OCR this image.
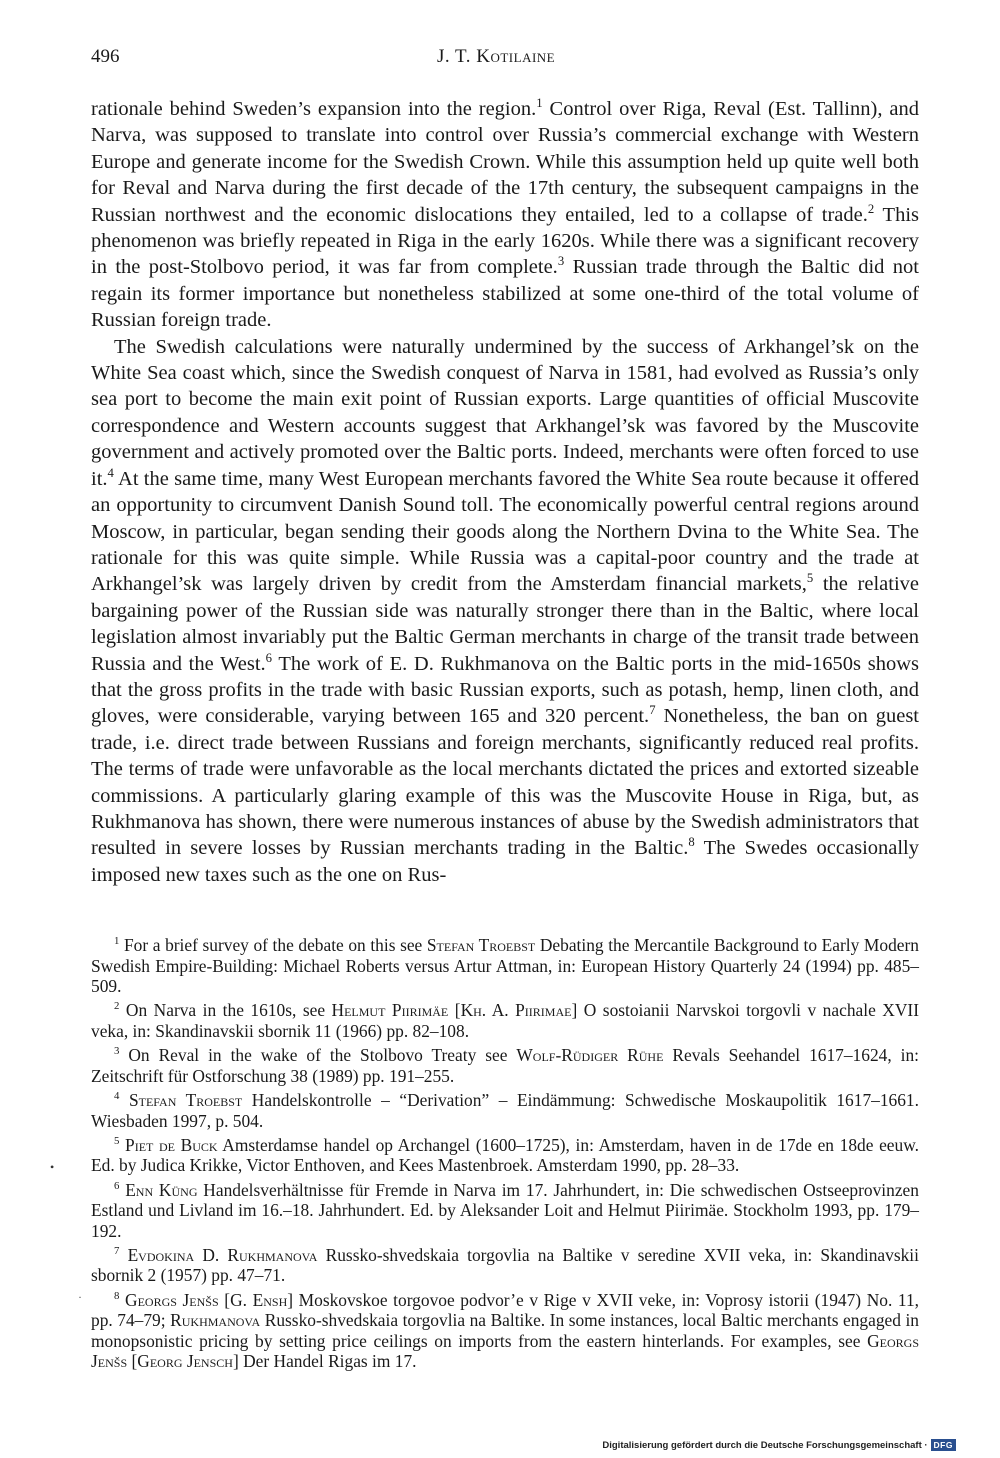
496	J. T. Kotilaine

rationale behind Sweden’s expansion into the region.$^1$ Control over Riga, Reval (Est. Tallinn), and Narva, was supposed to translate into control over Russia’s commercial exchange with Western Europe and generate income for the Swedish Crown. While this assumption held up quite well both for Reval and Narva during the first decade of the 17th century, the subsequent campaigns in the Russian northwest and the economic dislocations they entailed, led to a collapse of trade.$^2$ This phenomenon was briefly repeated in Riga in the early 1620s. While there was a significant recovery in the post-Stolbovo period, it was far from complete.$^3$ Russian trade through the Baltic did not regain its former importance but nonetheless stabilized at some one-third of the total volume of Russian foreign trade.

The Swedish calculations were naturally undermined by the success of Arkhangel’sk on the White Sea coast which, since the Swedish conquest of Narva in 1581, had evolved as Russia’s only sea port to become the main exit point of Russian exports. Large quantities of official Muscovite correspondence and Western accounts suggest that Arkhangel’sk was favored by the Muscovite government and actively promoted over the Baltic ports. Indeed, merchants were often forced to use it.$^4$ At the same time, many West European merchants favored the White Sea route because it offered an opportunity to circumvent Danish Sound toll. The economically powerful central regions around Moscow, in particular, began sending their goods along the Northern Dvina to the White Sea. The rationale for this was quite simple. While Russia was a capital-poor country and the trade at Arkhangel’sk was largely driven by credit from the Amsterdam financial markets,$^5$ the relative bargaining power of the Russian side was naturally stronger there than in the Baltic, where local legislation almost invariably put the Baltic German merchants in charge of the transit trade between Russia and the West.$^6$ The work of E. D. Rukhmanova on the Baltic ports in the mid-1650s shows that the gross profits in the trade with basic Russian exports, such as potash, hemp, linen cloth, and gloves, were considerable, varying between 165 and 320 percent.$^7$ Nonetheless, the ban on guest trade, i.e. direct trade between Russians and foreign merchants, significantly reduced real profits. The terms of trade were unfavorable as the local merchants dictated the prices and extorted sizeable commissions. A particularly glaring example of this was the Muscovite House in Riga, but, as Rukhmanova has shown, there were numerous instances of abuse by the Swedish administrators that resulted in severe losses by Russian merchants trading in the Baltic.$^8$ The Swedes occasionally imposed new taxes such as the one on Rus-

$^1$ For a brief survey of the debate on this see Stefan Troebst Debating the Mercantile Background to Early Modern Swedish Empire-Building: Michael Roberts versus Artur Attman, in: European History Quarterly 24 (1994) pp. 485–509.

$^2$ On Narva in the 1610s, see Helmut Piirimäe [Kh. A. Piirimae] O sostoianii Narvskoi torgovli v nachale XVII veka, in: Skandinavskii sbornik 11 (1966) pp. 82–108.

$^3$ On Reval in the wake of the Stolbovo Treaty see Wolf-Rüdiger Rühe Revals Seehandel 1617–1624, in: Zeitschrift für Ostforschung 38 (1989) pp. 191–255.

$^4$ Stefan Troebst Handelskontrolle – “Derivation” – Eindämmung: Schwedische Moskaupolitik 1617–1661. Wiesbaden 1997, p. 504.

$^5$ Piet de Buck Amsterdamse handel op Archangel (1600–1725), in: Amsterdam, haven in de 17de en 18de eeuw. Ed. by Judica Krikke, Victor Enthoven, and Kees Mastenbroek. Amsterdam 1990, pp. 28–33.

$^6$ Enn Küng Handelsverhältnisse für Fremde in Narva im 17. Jahrhundert, in: Die schwedischen Ostseeprovinzen Estland und Livland im 16.–18. Jahrhundert. Ed. by Aleksander Loit and Helmut Piirimäe. Stockholm 1993, pp. 179–192.

$^7$ Evdokina D. Rukhmanova Russko-shvedskaia torgovlia na Baltike v seredine XVII veka, in: Skandinavskii sbornik 2 (1957) pp. 47–71.

$^8$ Georgs Jenšs [G. Ensh] Moskovskoe torgovoe podvor’e v Rige v XVII veke, in: Voprosy istorii (1947) No. 11, pp. 74–79; Rukhmanova Russko-shvedskaia torgovlia na Baltike. In some instances, local Baltic merchants engaged in monopsonistic pricing by setting price ceilings on imports from the eastern hinterlands. For examples, see Georgs Jenšs [Georg Jensch] Der Handel Rigas im 17.

•
·
Digitalisierung gefördert durch die Deutsche Forschungsgemeinschaft · DFG
